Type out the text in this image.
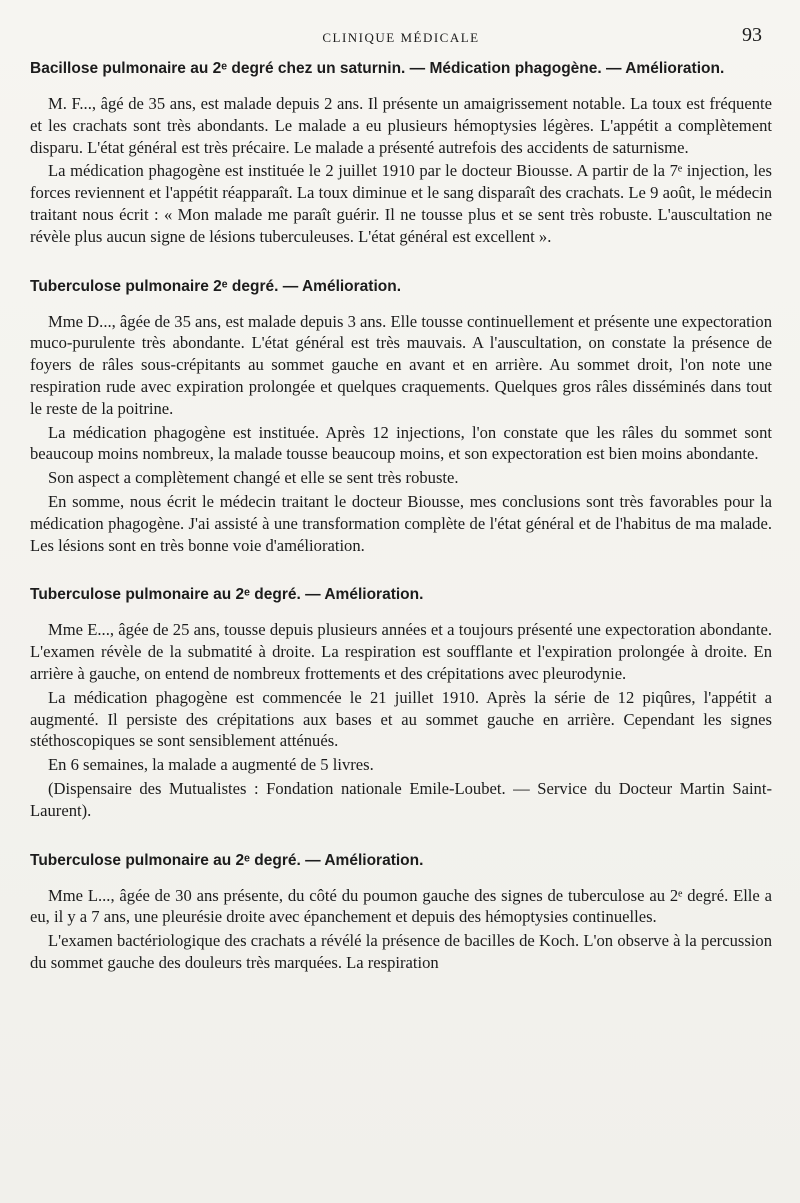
CLINIQUE MÉDICALE	93
Bacillose pulmonaire au 2ᵉ degré chez un saturnin. — Médication phagogène. — Amélioration.

M. F..., âgé de 35 ans, est malade depuis 2 ans. Il présente un amaigrissement notable. La toux est fréquente et les crachats sont très abondants. Le malade a eu plusieurs hémoptysies légères. L'appétit a complètement disparu. L'état général est très précaire. Le malade a présenté autrefois des accidents de saturnisme.

La médication phagogène est instituée le 2 juillet 1910 par le docteur Biousse. A partir de la 7ᵉ injection, les forces reviennent et l'appétit réapparaît. La toux diminue et le sang disparaît des crachats. Le 9 août, le médecin traitant nous écrit : « Mon malade me paraît guérir. Il ne tousse plus et se sent très robuste. L'auscultation ne révèle plus aucun signe de lésions tuberculeuses. L'état général est excellent ».

Tuberculose pulmonaire 2ᵉ degré. — Amélioration.

Mme D..., âgée de 35 ans, est malade depuis 3 ans. Elle tousse continuellement et présente une expectoration muco-purulente très abondante. L'état général est très mauvais. A l'auscultation, on constate la présence de foyers de râles sous-crépitants au sommet gauche en avant et en arrière. Au sommet droit, l'on note une respiration rude avec expiration prolongée et quelques craquements. Quelques gros râles disséminés dans tout le reste de la poitrine.

La médication phagogène est instituée. Après 12 injections, l'on constate que les râles du sommet sont beaucoup moins nombreux, la malade tousse beaucoup moins, et son expectoration est bien moins abondante.

Son aspect a complètement changé et elle se sent très robuste.

En somme, nous écrit le médecin traitant le docteur Biousse, mes conclusions sont très favorables pour la médication phagogène. J'ai assisté à une transformation complète de l'état général et de l'habitus de ma malade. Les lésions sont en très bonne voie d'amélioration.

Tuberculose pulmonaire au 2ᵉ degré. — Amélioration.

Mme E..., âgée de 25 ans, tousse depuis plusieurs années et a toujours présenté une expectoration abondante. L'examen révèle de la submatité à droite. La respiration est soufflante et l'expiration prolongée à droite. En arrière à gauche, on entend de nombreux frottements et des crépitations avec pleurodynie.

La médication phagogène est commencée le 21 juillet 1910. Après la série de 12 piqûres, l'appétit a augmenté. Il persiste des crépitations aux bases et au sommet gauche en arrière. Cependant les signes stéthoscopiques se sont sensiblement atténués.

En 6 semaines, la malade a augmenté de 5 livres.

(Dispensaire des Mutualistes : Fondation nationale Emile-Loubet. — Service du Docteur Martin Saint-Laurent).

Tuberculose pulmonaire au 2ᵉ degré. — Amélioration.

Mme L..., âgée de 30 ans présente, du côté du poumon gauche des signes de tuberculose au 2ᵉ degré. Elle a eu, il y a 7 ans, une pleurésie droite avec épanchement et depuis des hémoptysies continuelles.

L'examen bactériologique des crachats a révélé la présence de bacilles de Koch. L'on observe à la percussion du sommet gauche des douleurs très marquées. La respiration
